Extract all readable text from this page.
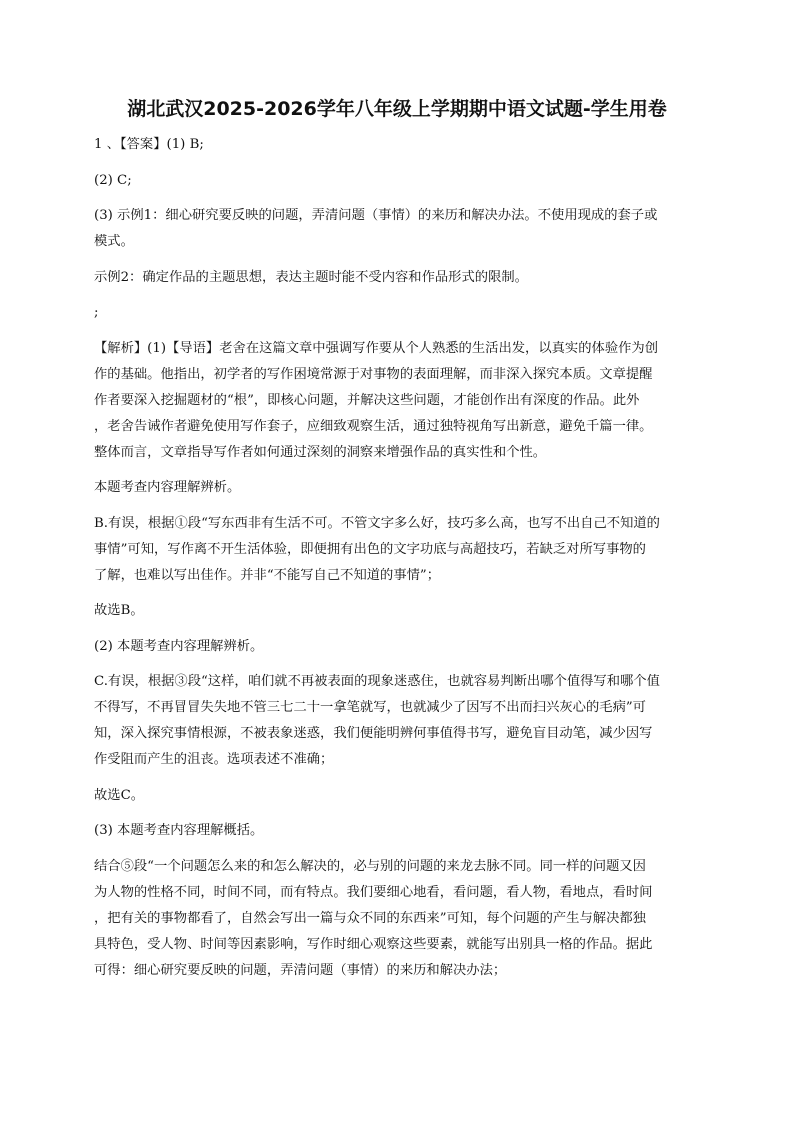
湖北武汉2025-2026学年八年级上学期期中语文试题-学生用卷
1 、【答案】(1) B;
(2) C;
(3) 示例1：细心研究要反映的问题，弄清问题（事情）的来历和解决办法。不使用现成的套子或
模式。
示例2：确定作品的主题思想，表达主题时能不受内容和作品形式的限制。
;
【解析】(1)【导语】老舍在这篇文章中强调写作要从个人熟悉的生活出发，以真实的体验作为创
作的基础。他指出，初学者的写作困境常源于对事物的表面理解，而非深入探究本质。文章提醒
作者要深入挖掘题材的“根”，即核心问题，并解决这些问题，才能创作出有深度的作品。此外
，老舍告诫作者避免使用写作套子，应细致观察生活，通过独特视角写出新意，避免千篇一律。
整体而言，文章指导写作者如何通过深刻的洞察来增强作品的真实性和个性。
本题考查内容理解辨析。
B.有误，根据①段“写东西非有生活不可。不管文字多么好，技巧多么高，也写不出自己不知道的
事情”可知，写作离不开生活体验，即便拥有出色的文字功底与高超技巧，若缺乏对所写事物的
了解，也难以写出佳作。并非“不能写自己不知道的事情”；
故选B。
(2) 本题考查内容理解辨析。
C.有误，根据③段“这样，咱们就不再被表面的现象迷惑住，也就容易判断出哪个值得写和哪个值
不得写，不再冒冒失失地不管三七二十一拿笔就写，也就减少了因写不出而扫兴灰心的毛病”可
知，深入探究事情根源，不被表象迷惑，我们便能明辨何事值得书写，避免盲目动笔，减少因写
作受阻而产生的沮丧。选项表述不准确；
故选C。
(3) 本题考查内容理解概括。
结合⑤段“一个问题怎么来的和怎么解决的，必与别的问题的来龙去脉不同。同一样的问题又因
为人物的性格不同，时间不同，而有特点。我们要细心地看，看问题，看人物，看地点，看时间
，把有关的事物都看了，自然会写出一篇与众不同的东西来”可知，每个问题的产生与解决都独
具特色，受人物、时间等因素影响，写作时细心观察这些要素，就能写出别具一格的作品。据此
可得：细心研究要反映的问题，弄清问题（事情）的来历和解决办法；
